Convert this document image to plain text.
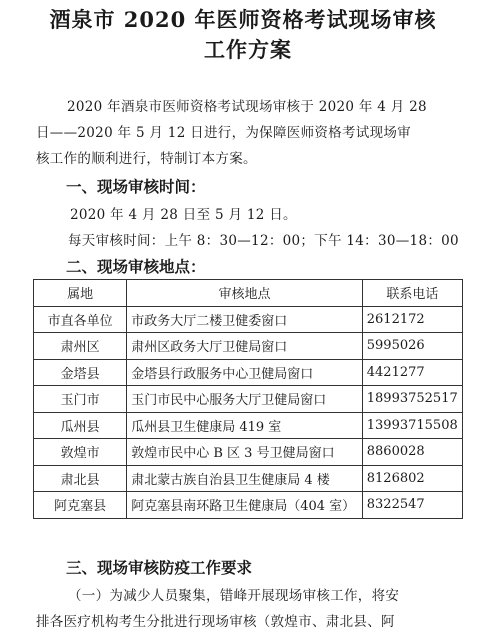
酒泉市 2020 年医师资格考试现场审核
工作方案
2020 年酒泉市医师资格考试现场审核于 2020 年 4 月 28
日——2020 年 5 月 12 日进行，为保障医师资格考试现场审
核工作的顺利进行，特制订本方案。
一、现场审核时间：
2020 年 4 月 28 日至 5 月 12 日。
每天审核时间：上午 8：30—12：00；下午 14：30—18：00
二、现场审核地点：
属地	审核地点	联系电话
市直各单位	市政务大厅二楼卫健委窗口	2612172
肃州区	肃州区政务大厅卫健局窗口	5995026
金塔县	金塔县行政服务中心卫健局窗口	4421277
玉门市	玉门市民中心服务大厅卫健局窗口	18993752517
瓜州县	瓜州县卫生健康局 419 室	13993715508
敦煌市	敦煌市民中心 B 区 3 号卫健局窗口	8860028
肃北县	肃北蒙古族自治县卫生健康局 4 楼	8126802
阿克塞县	阿克塞县南环路卫生健康局（404 室）	8322547
三、现场审核防疫工作要求
（一）为减少人员聚集，错峰开展现场审核工作，将安
排各医疗机构考生分批进行现场审核（敦煌市、肃北县、阿
